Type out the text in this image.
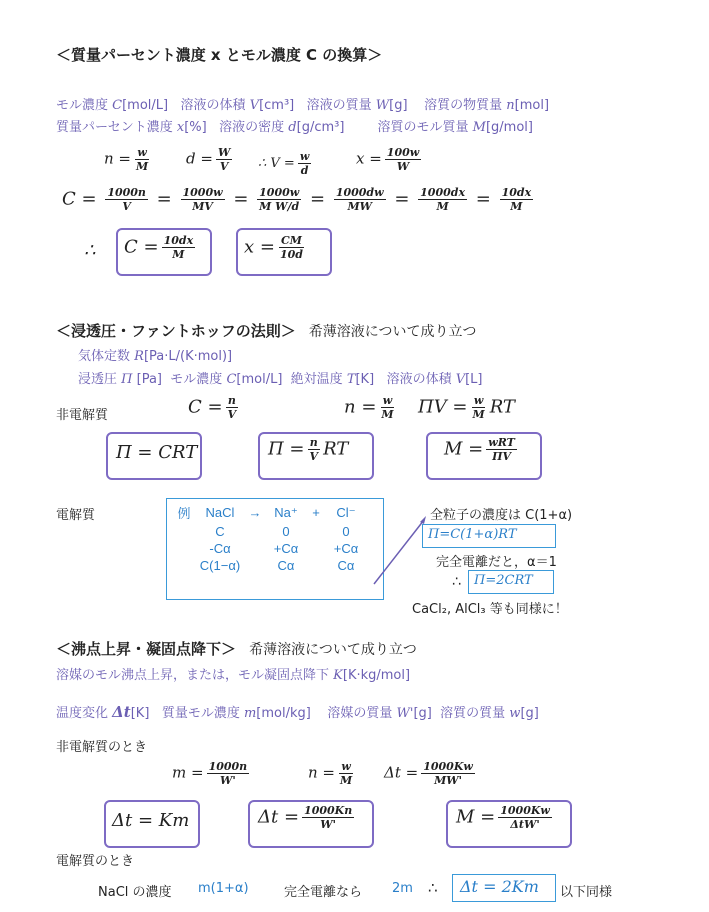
＜質量パーセント濃度 x とモル濃度 C の換算＞
モル濃度 C[mol/L] 溶液の体積 V[cm³] 溶液の質量 W[g] 溶質の物質量 n[mol]
質量パーセント濃度 x[%] 溶液の密度 d[g/cm³]	溶質のモル質量 M[g/mol]
$n = \frac{w}{M}$ $d = \frac{W}{V}$ ∴ $V = \frac{w}{d}$	$x = \frac{100w}{W}$
$C = \frac{1000n}{V} = \frac{1000w}{MV} = \frac{1000w}{\text{M W/d}} = \frac{1000dw}{MW} = \frac{1000dx}{M} = \frac{10dx}{M}$
∴ $C = \frac{10dx}{M}$	$x = \frac{CM}{10d}$
＜浸透圧・ファントホッフの法則＞ 希薄溶液について成り立つ
気体定数 R[Pa·L/(K·mol)]
浸透圧 Π [Pa] モル濃度 C[mol/L] 絶対温度 T[K] 溶液の体積 V[L]
非電解質	$C = \frac{n}{V}$	$n = \frac{w}{M}$ $\Pi V = \frac{w}{M}$ RT
Π = CRT	$\Pi = \frac{n}{V}$ RT	$M = \frac{\text{wRT}}{\Pi V}$
電解質	例	NaCl	→	Na⁺	+	Cl⁻
	C		0		0
	-Cα		+Cα		+Cα
	C(1−α)		Cα		Cα
全粒子の濃度は C(1+α)
Π=C(1+α)RT
完全電離だと，α＝1
∴ Π=2CRT
CaCl₂, AlCl₃ 等も同様に！
＜沸点上昇・凝固点降下＞ 希薄溶液について成り立つ
溶媒のモル沸点上昇，または，モル凝固点降下 K[K·kg/mol]
温度変化 Δt[K] 質量モル濃度 m[mol/kg] 溶媒の質量 W'[g] 溶質の質量 w[g]
非電解質のとき
$m = \frac{1000n}{W'}$	$n = \frac{w}{M}$ $\Delta t = \frac{1000Kw}{MW'}$
Δt = Km	$\Delta t = \frac{1000Kn}{W'}$	$M = \frac{1000Kw}{\text{ΔtW'}}$
電解質のとき
NaCl の濃度 m(1+α)	完全電離なら 2m ∴ Δt = 2Km 以下同様
